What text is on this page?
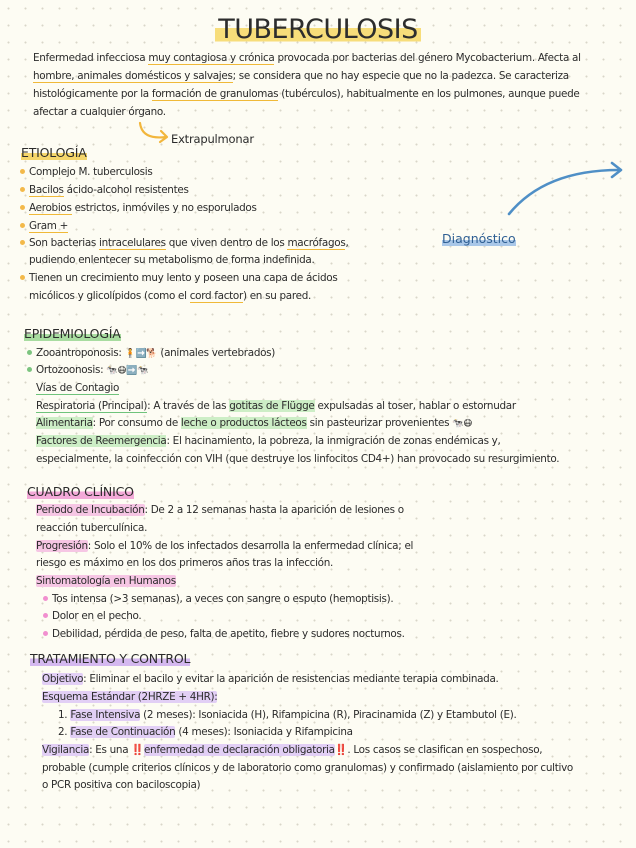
TUBERCULOSIS
Enfermedad infecciosa muy contagiosa y crónica provocada por bacterias del género Mycobacterium. Afecta al hombre, animales domésticos y salvajes; se considera que no hay especie que no la padezca. Se caracteriza histológicamente por la formación de granulomas (tubérculos), habitualmente en los pulmones, aunque puede afectar a cualquier órgano.
Extrapulmonar
Diagnóstico
ETIOLOGÍA
Complejo M. tuberculosis
Bacilos ácido-alcohol resistentes
Aerobios estrictos, inmóviles y no esporulados
Gram +
Son bacterias intracelulares que viven dentro de los macrófagos,
pudiendo enlentecer su metabolismo de forma indefinida.
Tienen un crecimiento muy lento y poseen una capa de ácidos
micólicos y glicolípidos (como el cord factor) en su pared.
EPIDEMIOLOGÍA
Zooantroponosis: 🧍➡️🐕 (animales vertebrados)
Ortozoonosis: 🐄😷➡️🐄
Vías de Contagio
Respiratoria (Principal): A través de las gotitas de Flügge expulsadas al toser, hablar o estornudar
Alimentaria: Por consumo de leche o productos lácteos sin pasteurizar provenientes 🐄😷
Factores de Reemergencia: El hacinamiento, la pobreza, la inmigración de zonas endémicas y,
especialmente, la coinfección con VIH (que destruye los linfocitos CD4+) han provocado su resurgimiento.
CUADRO CLÍNICO
Periodo de Incubación: De 2 a 12 semanas hasta la aparición de lesiones o
reacción tuberculínica.
Progresión: Solo el 10% de los infectados desarrolla la enfermedad clínica; el
riesgo es máximo en los dos primeros años tras la infección.
Sintomatología en Humanos
Tos intensa (>3 semanas), a veces con sangre o esputo (hemoptisis).
Dolor en el pecho.
Debilidad, pérdida de peso, falta de apetito, fiebre y sudores nocturnos.
TRATAMIENTO Y CONTROL
Objetivo: Eliminar el bacilo y evitar la aparición de resistencias mediante terapia combinada.
Esquema Estándar (2HRZE + 4HR):
1. Fase Intensiva (2 meses): Isoniacida (H), Rifampicina (R), Piracinamida (Z) y Etambutol (E).
2. Fase de Continuación (4 meses): Isoniacida y Rifampicina
Vigilancia: Es una ‼️enfermedad de declaración obligatoria‼️. Los casos se clasifican en sospechoso,
probable (cumple criterios clínicos y de laboratorio como granulomas) y confirmado (aislamiento por cultivo
o PCR positiva con baciloscopia)
